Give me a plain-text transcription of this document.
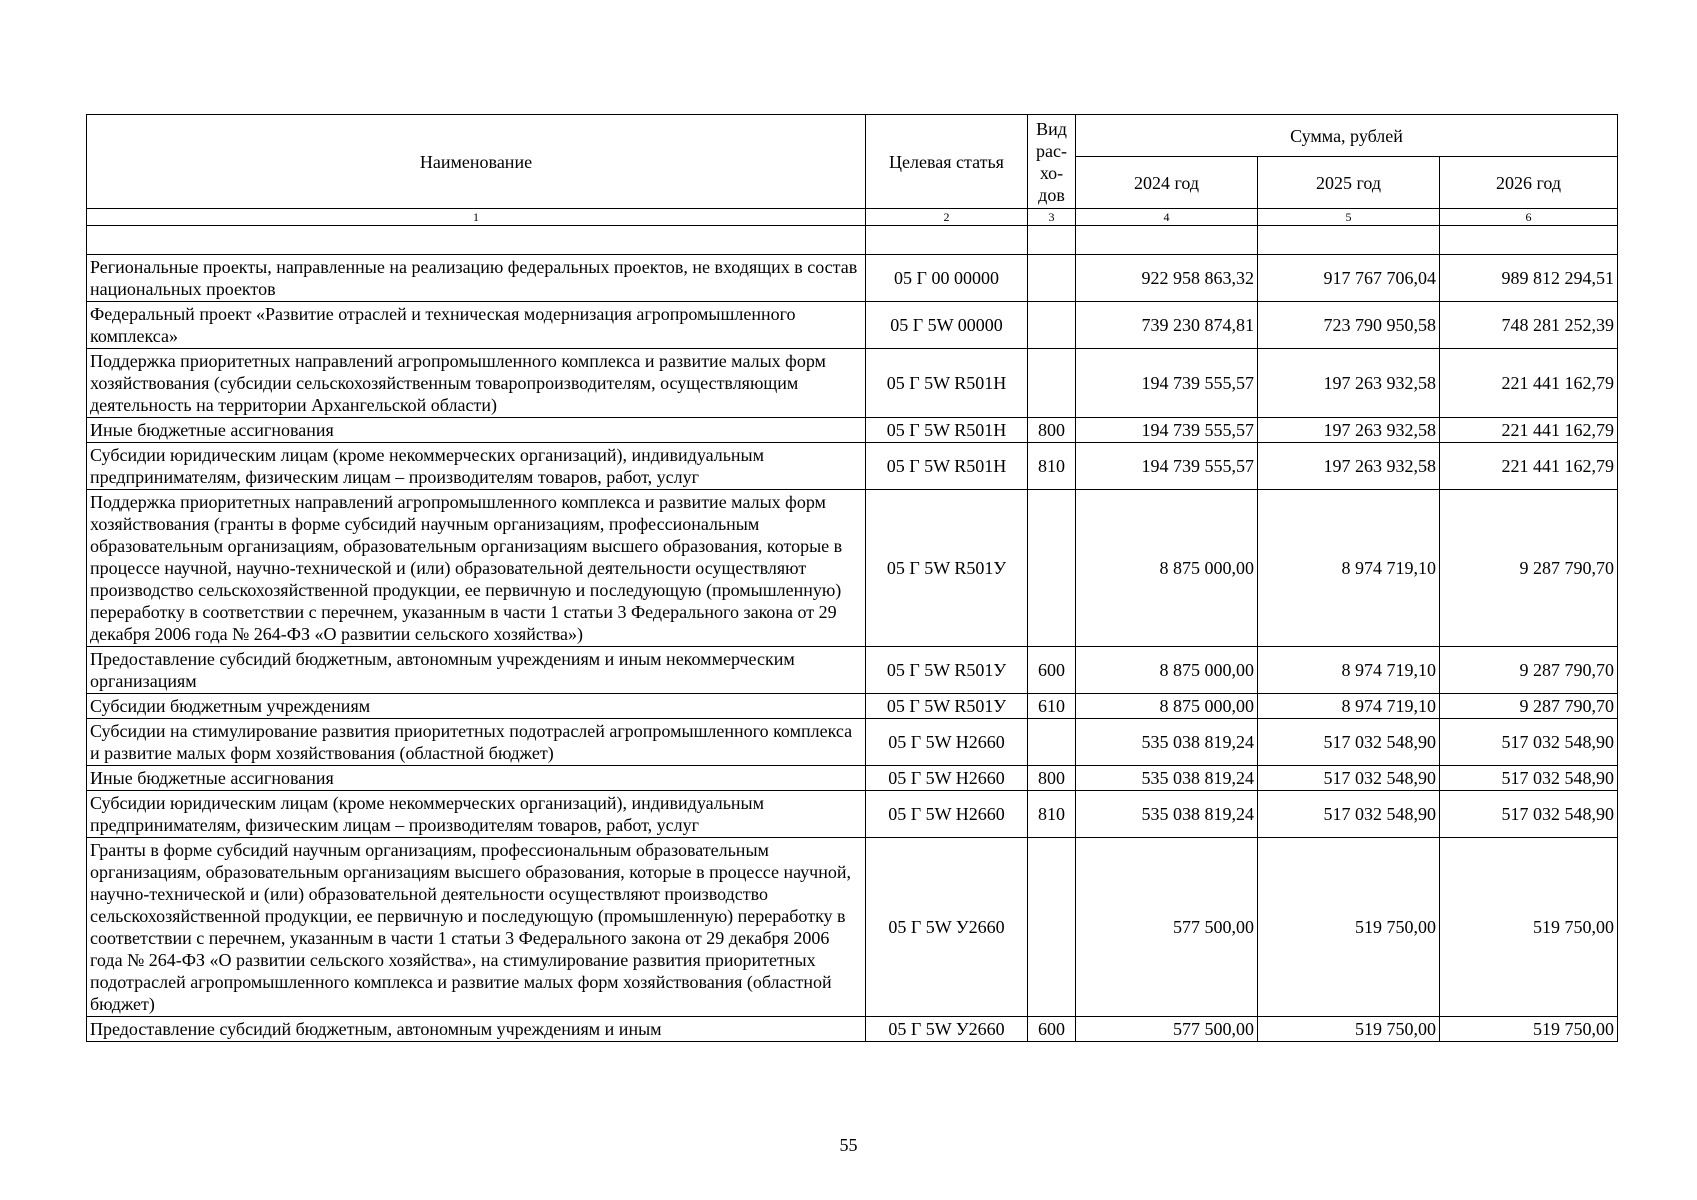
Наименование	Целевая статья	Вид рас-хо-дов	Сумма, рублей		
			2024 год	2025 год	2026 год
1	2	3	4	5	6

Региональные проекты, направленные на реализацию федеральных проектов, не входящих в состав национальных проектов	05 Г 00 00000		922 958 863,32	917 767 706,04	989 812 294,51
Федеральный проект «Развитие отраслей и техническая модернизация агропромышленного комплекса»	05 Г 5W 00000		739 230 874,81	723 790 950,58	748 281 252,39
Поддержка приоритетных направлений агропромышленного комплекса и развитие малых форм хозяйствования (субсидии сельскохозяйственным товаропроизводителям, осуществляющим деятельность на территории Архангельской области)	05 Г 5W R501Н		194 739 555,57	197 263 932,58	221 441 162,79
Иные бюджетные ассигнования	05 Г 5W R501Н	800	194 739 555,57	197 263 932,58	221 441 162,79
Субсидии юридическим лицам (кроме некоммерческих организаций), индивидуальным предпринимателям, физическим лицам – производителям товаров, работ, услуг	05 Г 5W R501Н	810	194 739 555,57	197 263 932,58	221 441 162,79
Поддержка приоритетных направлений агропромышленного комплекса и развитие малых форм хозяйствования (гранты в форме субсидий научным организациям, профессиональным образовательным организациям, образовательным организациям высшего образования, которые в процессе научной, научно-технической и (или) образовательной деятельности осуществляют производство сельскохозяйственной продукции, ее первичную и последующую (промышленную) переработку в соответствии с перечнем, указанным в части 1 статьи 3 Федерального закона от 29 декабря 2006 года № 264-ФЗ «О развитии сельского хозяйства»)	05 Г 5W R501У		8 875 000,00	8 974 719,10	9 287 790,70
Предоставление субсидий бюджетным, автономным учреждениям и иным некоммерческим организациям	05 Г 5W R501У	600	8 875 000,00	8 974 719,10	9 287 790,70
Субсидии бюджетным учреждениям	05 Г 5W R501У	610	8 875 000,00	8 974 719,10	9 287 790,70
Субсидии на стимулирование развития приоритетных подотраслей агропромышленного комплекса и развитие малых форм хозяйствования (областной бюджет)	05 Г 5W Н2660		535 038 819,24	517 032 548,90	517 032 548,90
Иные бюджетные ассигнования	05 Г 5W Н2660	800	535 038 819,24	517 032 548,90	517 032 548,90
Субсидии юридическим лицам (кроме некоммерческих организаций), индивидуальным предпринимателям, физическим лицам – производителям товаров, работ, услуг	05 Г 5W Н2660	810	535 038 819,24	517 032 548,90	517 032 548,90
Гранты в форме субсидий научным организациям, профессиональным образовательным организациям, образовательным организациям высшего образования, которые в процессе научной, научно-технической и (или) образовательной деятельности осуществляют производство сельскохозяйственной продукции, ее первичную и последующую (промышленную) переработку в соответствии с перечнем, указанным в части 1 статьи 3 Федерального закона от 29 декабря 2006 года № 264-ФЗ «О развитии сельского хозяйства», на стимулирование развития приоритетных подотраслей агропромышленного комплекса и развитие малых форм хозяйствования (областной бюджет)	05 Г 5W У2660		577 500,00	519 750,00	519 750,00
Предоставление субсидий бюджетным, автономным учреждениям и иным	05 Г 5W У2660	600	577 500,00	519 750,00	519 750,00
55
